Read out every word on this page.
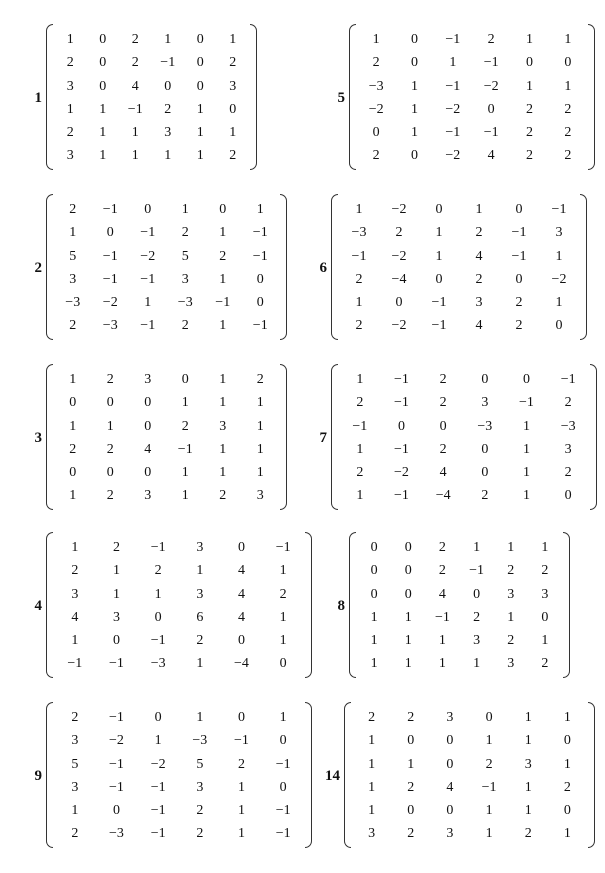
1
1	0	2	1	0	1
2	0	2	−1	0	2
3	0	4	0	0	3
1	1	−1	2	1	0
2	1	1	3	1	1
3	1	1	1	1	2
2
2	−1	0	1	0	1
1	0	−1	2	1	−1
5	−1	−2	5	2	−1
3	−1	−1	3	1	0
−3	−2	1	−3	−1	0
2	−3	−1	2	1	−1
3
1	2	3	0	1	2
0	0	0	1	1	1
1	1	0	2	3	1
2	2	4	−1	1	1
0	0	0	1	1	1
1	2	3	1	2	3
4
1	2	−1	3	0	−1
2	1	2	1	4	1
3	1	1	3	4	2
4	3	0	6	4	1
1	0	−1	2	0	1
−1	−1	−3	1	−4	0
9
2	−1	0	1	0	1
3	−2	1	−3	−1	0
5	−1	−2	5	2	−1
3	−1	−1	3	1	0
1	0	−1	2	1	−1
2	−3	−1	2	1	−1
5
1	0	−1	2	1	1
2	0	1	−1	0	0
−3	1	−1	−2	1	1
−2	1	−2	0	2	2
0	1	−1	−1	2	2
2	0	−2	4	2	2
6
1	−2	0	1	0	−1
−3	2	1	2	−1	3
−1	−2	1	4	−1	1
2	−4	0	2	0	−2
1	0	−1	3	2	1
2	−2	−1	4	2	0
7
1	−1	2	0	0	−1
2	−1	2	3	−1	2
−1	0	0	−3	1	−3
1	−1	2	0	1	3
2	−2	4	0	1	2
1	−1	−4	2	1	0
8
0	0	2	1	1	1
0	0	2	−1	2	2
0	0	4	0	3	3
1	1	−1	2	1	0
1	1	1	3	2	1
1	1	1	1	3	2
14
2	2	3	0	1	1
1	0	0	1	1	0
1	1	0	2	3	1
1	2	4	−1	1	2
1	0	0	1	1	0
3	2	3	1	2	1
